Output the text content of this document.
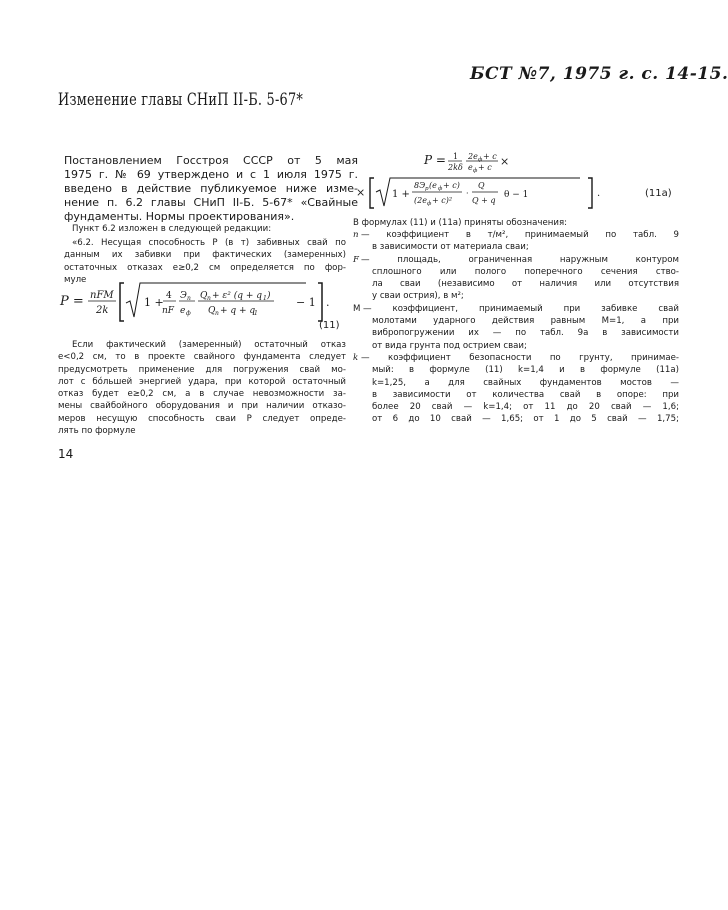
БСТ №7, 1975 г. с. 14-15.
Изменение главы СНиП II-Б. 5-67*
Постановлением Госстроя СССР от 5 мая
1975 г. № 69 утверждено и с 1 июля 1975 г.
введено в действие публикуемое ниже изме-
нение п. 6.2 главы СНиП II-Б. 5-67* «Свайные
фундаменты. Нормы проектирования».
Пункт 6.2 изложен в следующей редакции:
«6.2. Несущая способность P (в т) забивных свай по
данным их забивки при фактических (замеренных)
остаточных отказах e≥0,2 см определяется по фор-
муле
P = nFM
2k
1 + 4
nF
Э п
e ф
Q п + ε² (q + q 1 )
Q п + q + q
1
− 1 .
(11)
Если фактический (замеренный) остаточный отказ
e<0,2 см, то в проекте свайного фундамента следует
предусмотреть применение для погружения свай мо-
лот с бо́льшей энергией удара, при которой остаточный
отказ будет e≥0,2 см, а в случае невозможности за-
мены свайбойного оборудования и при наличии отказо-
меров несущую способность сваи P следует опреде-
лять по формуле
14
P = 1
2kδ
2e ф + c
e ф + c ×
×	1 +
8Э p (e ф + c)
(2e ф + c)²
·
Q
Q + q
θ − 1	.	(11a)
В формулах (11) и (11а) приняты обозначения:
n — коэффициент в т/м², принимаемый по табл. 9
в зависимости от материала сваи;
F — площадь, ограниченная наружным контуром
сплошного или полого поперечного сечения ство-
ла сваи (независимо от наличия или отсутствия
у сваи острия), в м²;
M — коэффициент, принимаемый при забивке свай
молотами ударного действия равным M=1, а при
вибропогружении их — по табл. 9а в зависимости
от вида грунта под острием сваи;
k — коэффициент безопасности по грунту, принимае-
мый: в формуле (11) k=1,4 и в формуле (11a)
k=1,25, а для свайных фундаментов мостов —
в зависимости от количества свай в опоре: при
более 20 свай — k=1,4; от 11 до 20 свай — 1,6;
от 6 до 10 свай — 1,65; от 1 до 5 свай — 1,75;
